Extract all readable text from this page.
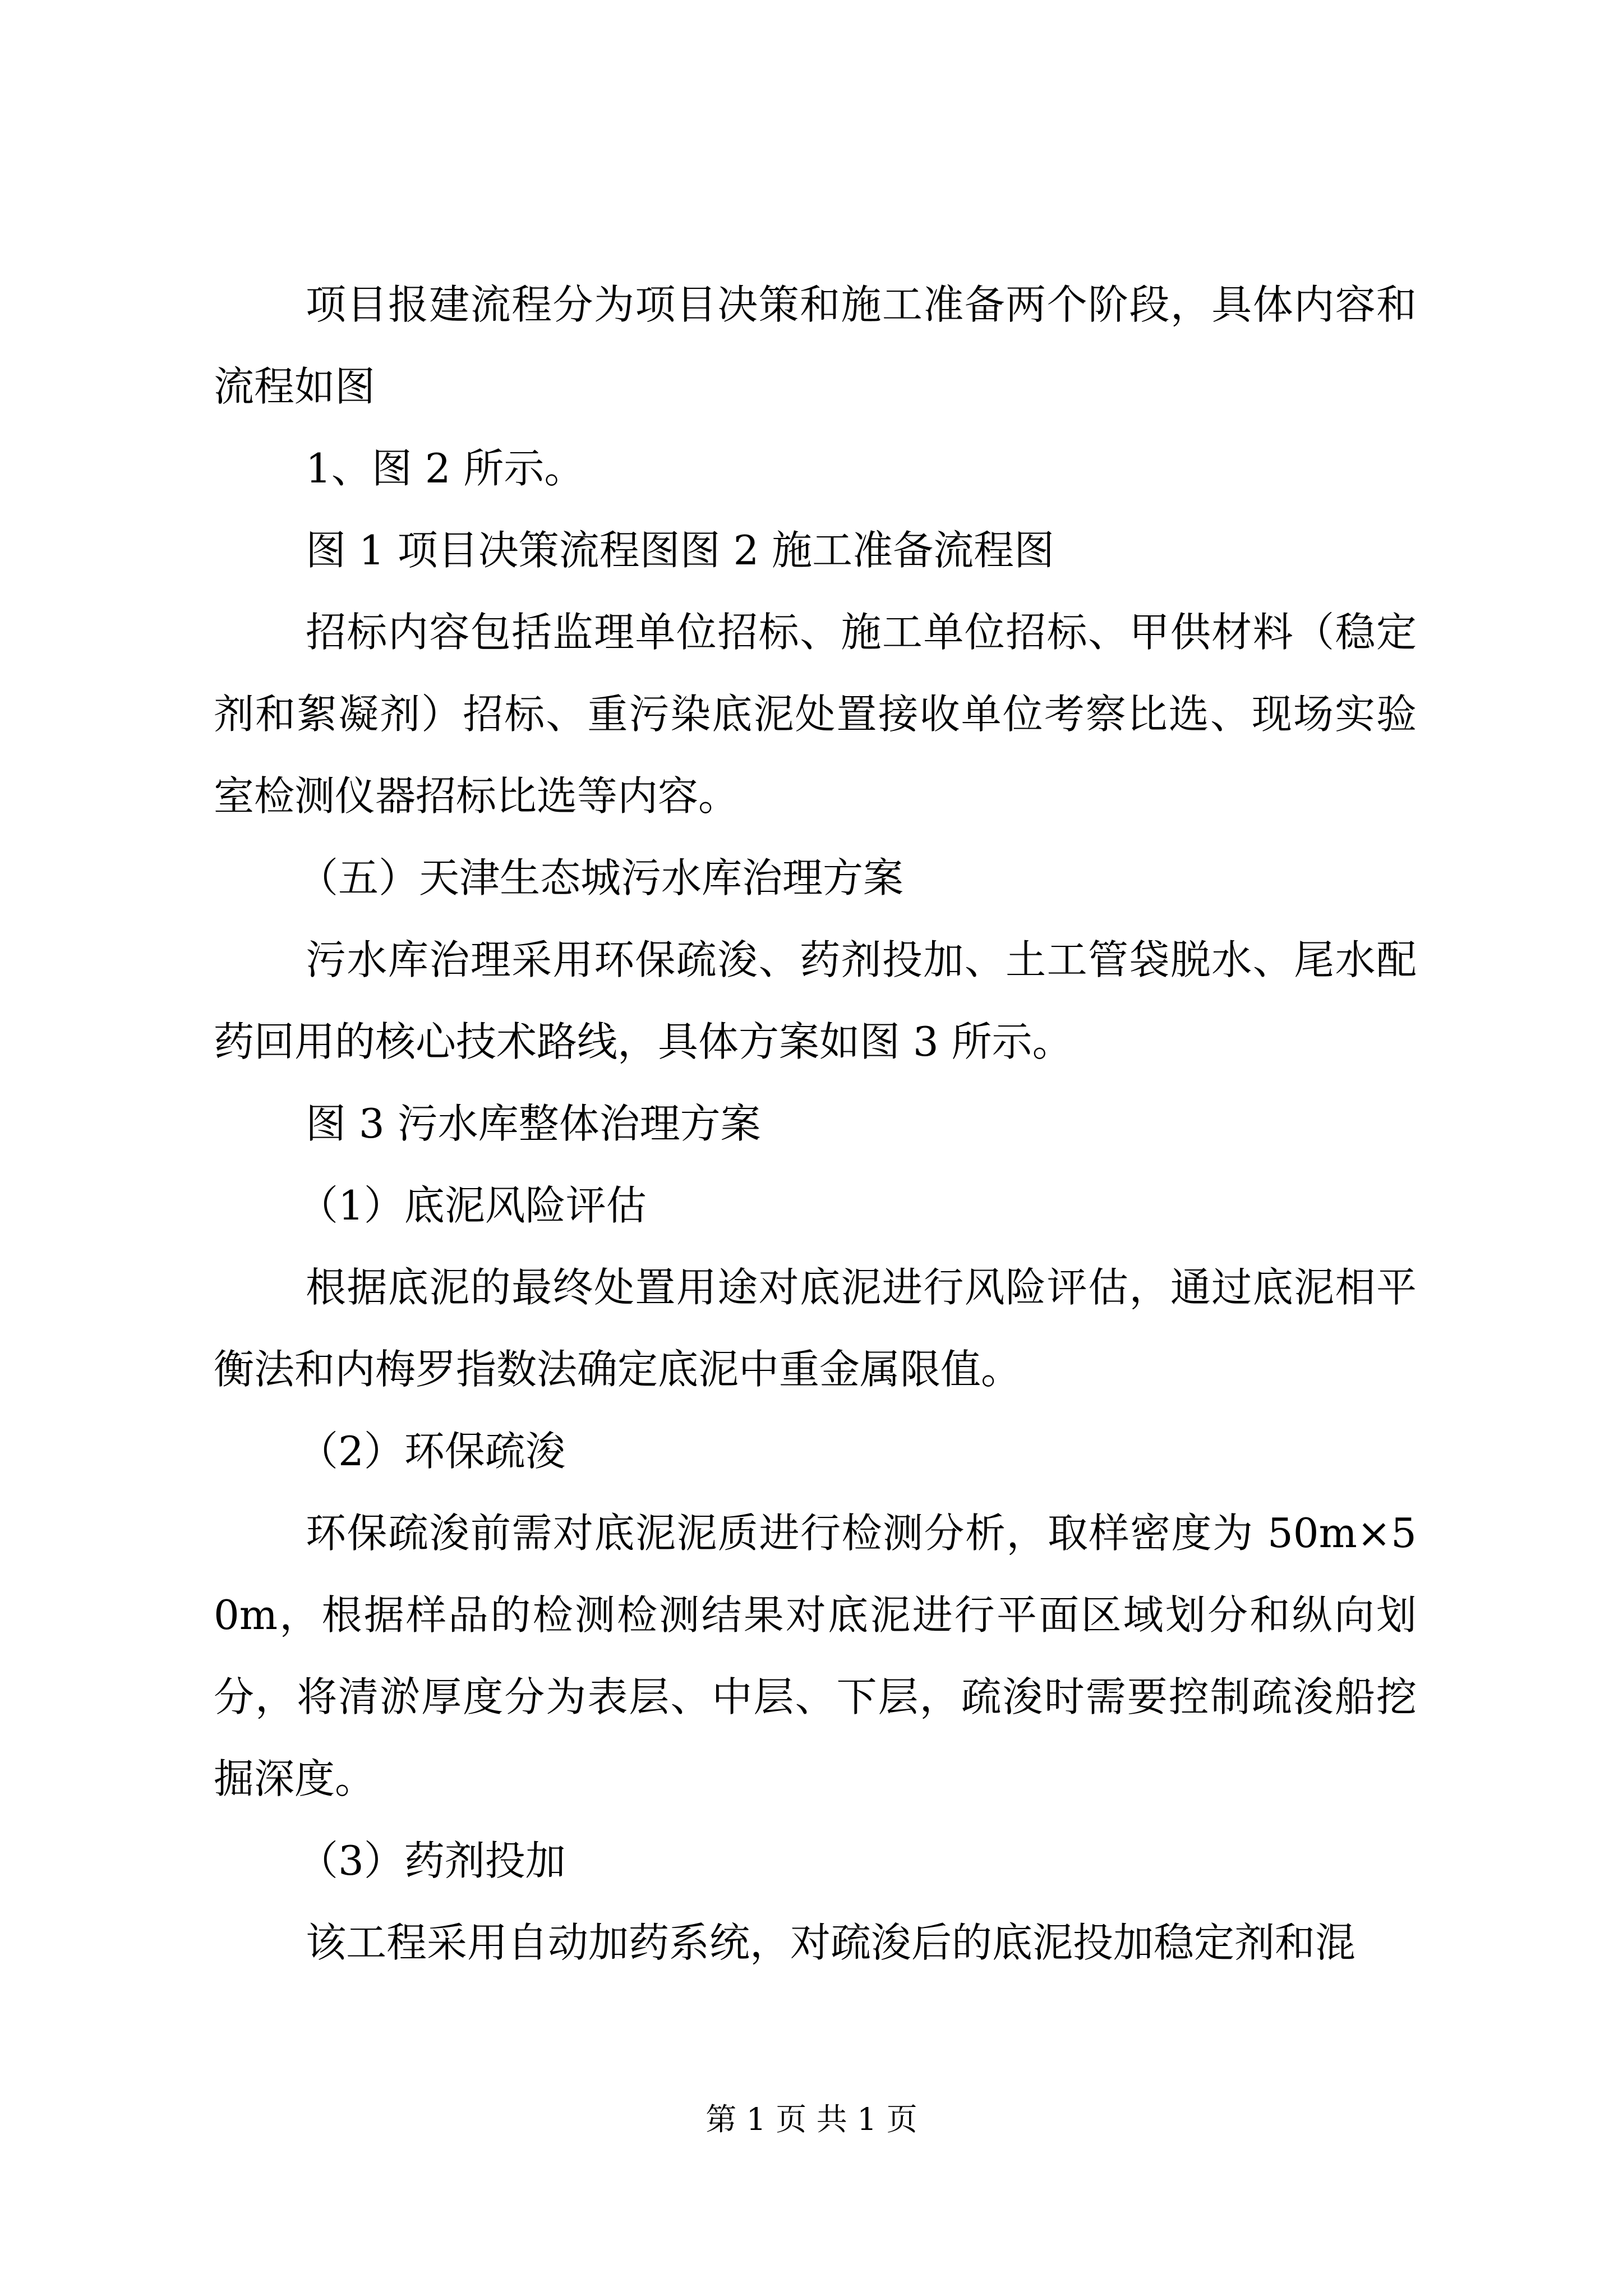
项目报建流程分为项目决策和施工准备两个阶段，具体内容和流程如图

1、图 2 所示。

图 1 项目决策流程图图 2 施工准备流程图

招标内容包括监理单位招标、施工单位招标、甲供材料（稳定剂和絮凝剂）招标、重污染底泥处置接收单位考察比选、现场实验室检测仪器招标比选等内容。

（五）天津生态城污水库治理方案

污水库治理采用环保疏浚、药剂投加、土工管袋脱水、尾水配药回用的核心技术路线，具体方案如图 3 所示。

图 3 污水库整体治理方案

（1）底泥风险评估

根据底泥的最终处置用途对底泥进行风险评估，通过底泥相平衡法和内梅罗指数法确定底泥中重金属限值。

（2）环保疏浚

环保疏浚前需对底泥泥质进行检测分析，取样密度为 50m×50m，根据样品的检测检测结果对底泥进行平面区域划分和纵向划分，将清淤厚度分为表层、中层、下层，疏浚时需要控制疏浚船挖掘深度。

（3）药剂投加

该工程采用自动加药系统，对疏浚后的底泥投加稳定剂和混

第 1 页 共 1 页
